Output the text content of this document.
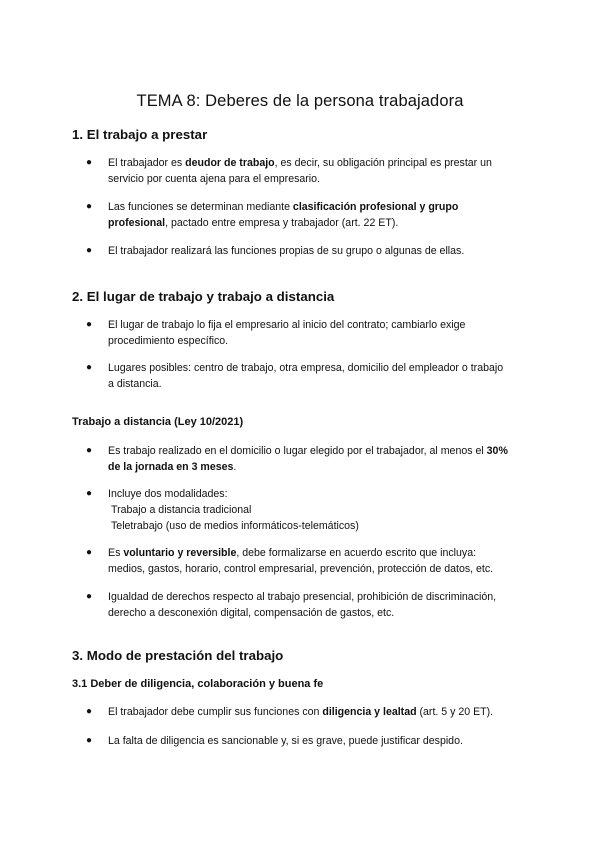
TEMA 8: Deberes de la persona trabajadora
1. El trabajo a prestar
● El trabajador es deudor de trabajo, es decir, su obligación principal es prestar un
servicio por cuenta ajena para el empresario.
● Las funciones se determinan mediante clasificación profesional y grupo
profesional, pactado entre empresa y trabajador (art. 22 ET).
● El trabajador realizará las funciones propias de su grupo o algunas de ellas.
2. El lugar de trabajo y trabajo a distancia
● El lugar de trabajo lo fija el empresario al inicio del contrato; cambiarlo exige
procedimiento específico.
● Lugares posibles: centro de trabajo, otra empresa, domicilio del empleador o trabajo
a distancia.
Trabajo a distancia (Ley 10/2021)
● Es trabajo realizado en el domicilio o lugar elegido por el trabajador, al menos el 30%
de la jornada en 3 meses.
● Incluye dos modalidades:
Trabajo a distancia tradicional
Teletrabajo (uso de medios informáticos-telemáticos)
● Es voluntario y reversible, debe formalizarse en acuerdo escrito que incluya:
medios, gastos, horario, control empresarial, prevención, protección de datos, etc.
● Igualdad de derechos respecto al trabajo presencial, prohibición de discriminación,
derecho a desconexión digital, compensación de gastos, etc.
3. Modo de prestación del trabajo
3.1 Deber de diligencia, colaboración y buena fe
● El trabajador debe cumplir sus funciones con diligencia y lealtad (art. 5 y 20 ET).
● La falta de diligencia es sancionable y, si es grave, puede justificar despido.
